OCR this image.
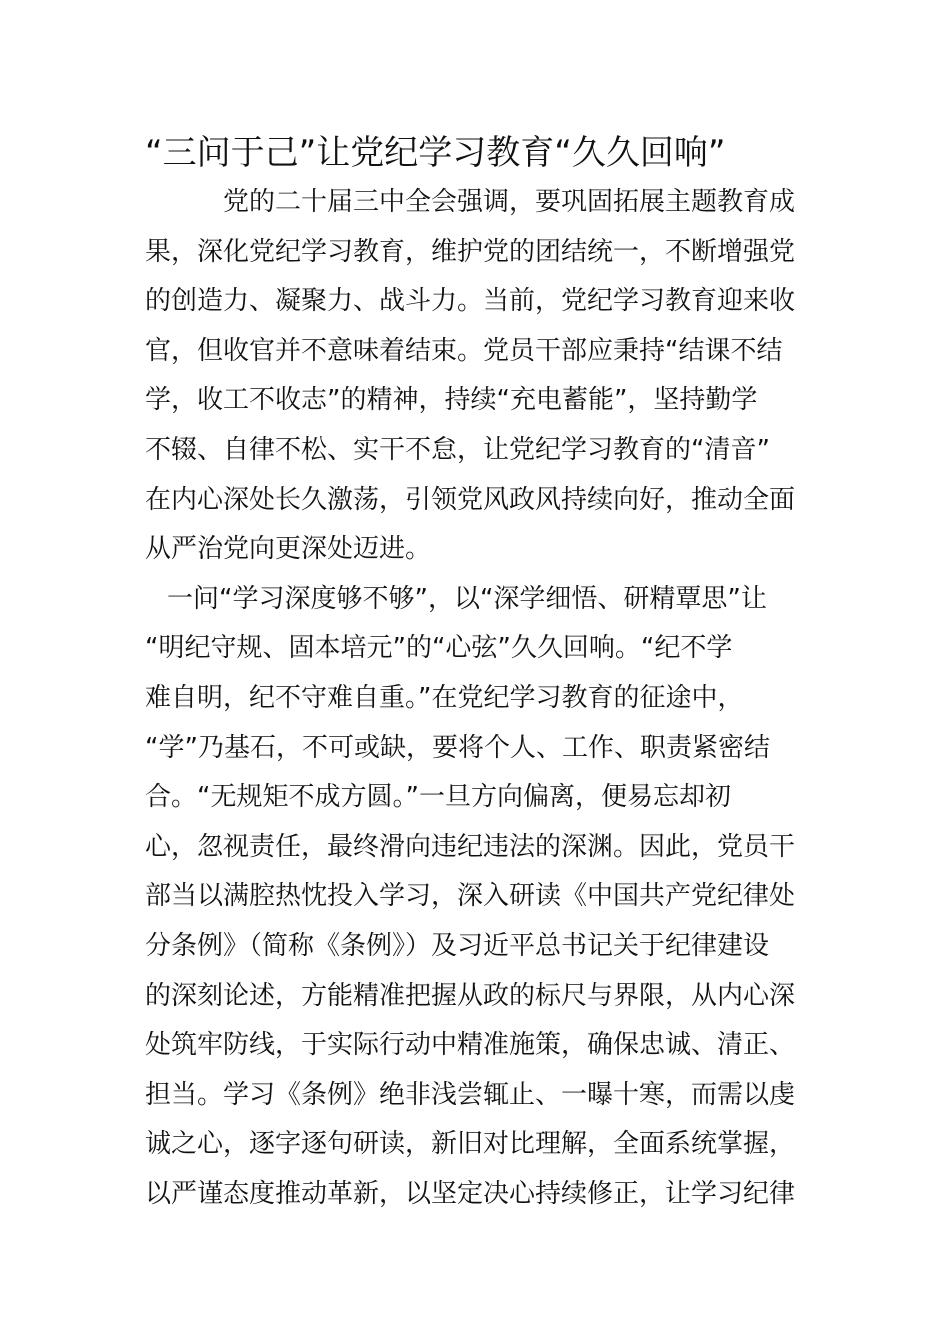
“三问于己”让党纪学习教育“久久回响”
党的二十届三中全会强调，要巩固拓展主题教育成
果，深化党纪学习教育，维护党的团结统一，不断增强党
的创造力、凝聚力、战斗力。当前，党纪学习教育迎来收
官，但收官并不意味着结束。党员干部应秉持“结课不结
学，收工不收志”的精神，持续“充电蓄能”，坚持勤学
不辍、自律不松、实干不怠，让党纪学习教育的“清音”
在内心深处长久激荡，引领党风政风持续向好，推动全面
从严治党向更深处迈进。
一问“学习深度够不够”，以“深学细悟、研精覃思”让
“明纪守规、固本培元”的“心弦”久久回响。“纪不学
难自明，纪不守难自重。”在党纪学习教育的征途中，
“学”乃基石，不可或缺，要将个人、工作、职责紧密结
合。“无规矩不成方圆。”一旦方向偏离，便易忘却初
心，忽视责任，最终滑向违纪违法的深渊。因此，党员干
部当以满腔热忱投入学习，深入研读《中国共产党纪律处
分条例》（简称《条例》）及习近平总书记关于纪律建设
的深刻论述，方能精准把握从政的标尺与界限，从内心深
处筑牢防线，于实际行动中精准施策，确保忠诚、清正、
担当。学习《条例》绝非浅尝辄止、一曝十寒，而需以虔
诚之心，逐字逐句研读，新旧对比理解，全面系统掌握，
以严谨态度推动革新，以坚定决心持续修正，让学习纪律
